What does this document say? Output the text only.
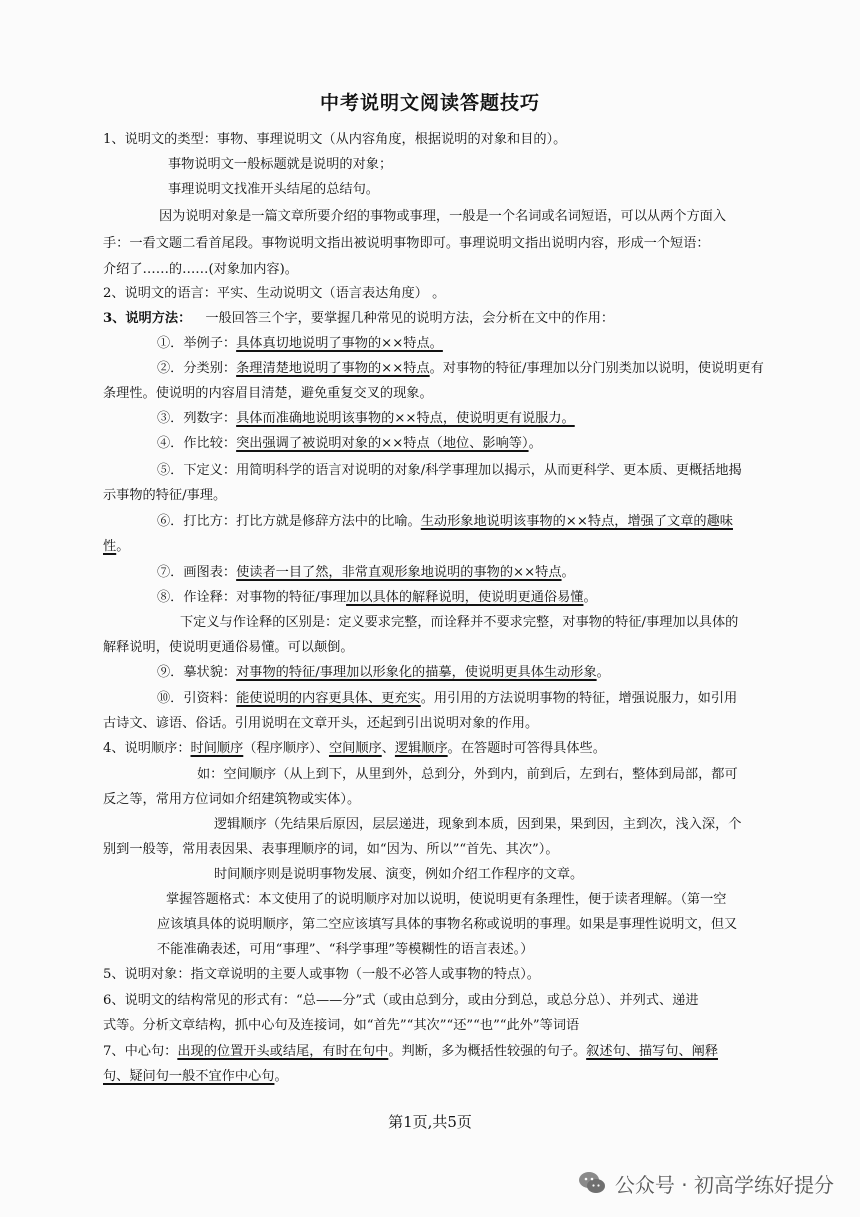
中考说明文阅读答题技巧
1、说明文的类型：事物、事理说明文（从内容角度，根据说明的对象和目的）。
事物说明文一般标题就是说明的对象；
事理说明文找准开头结尾的总结句。
因为说明对象是一篇文章所要介绍的事物或事理，一般是一个名词或名词短语，可以从两个方面入
手：一看文题二看首尾段。事物说明文指出被说明事物即可。事理说明文指出说明内容，形成一个短语：
介绍了……的……(对象加内容)。
2、说明文的语言：平实、生动说明文（语言表达角度） 。
3、说明方法： 一般回答三个字，要掌握几种常见的说明方法，会分析在文中的作用：
①．举例子：具体真切地说明了事物的××特点。
②．分类别：条理清楚地说明了事物的××特点。对事物的特征/事理加以分门别类加以说明，使说明更有
条理性。使说明的内容眉目清楚，避免重复交叉的现象。
③．列数字：具体而准确地说明该事物的××特点，使说明更有说服力。
④．作比较：突出强调了被说明对象的××特点（地位、影响等）。
⑤．下定义：用简明科学的语言对说明的对象/科学事理加以揭示，从而更科学、更本质、更概括地揭
示事物的特征/事理。
⑥．打比方：打比方就是修辞方法中的比喻。生动形象地说明该事物的××特点，增强了文章的趣味
性。
⑦．画图表：使读者一目了然，非常直观形象地说明的事物的××特点。
⑧．作诠释：对事物的特征/事理加以具体的解释说明，使说明更通俗易懂。
下定义与作诠释的区别是：定义要求完整，而诠释并不要求完整，对事物的特征/事理加以具体的
解释说明，使说明更通俗易懂。可以颠倒。
⑨．摹状貌：对事物的特征/事理加以形象化的描摹，使说明更具体生动形象。
⑩．引资料：能使说明的内容更具体、更充实。用引用的方法说明事物的特征，增强说服力，如引用
古诗文、谚语、俗话。引用说明在文章开头，还起到引出说明对象的作用。
4、说明顺序：时间顺序（程序顺序）、空间顺序、逻辑顺序。在答题时可答得具体些。
如：空间顺序（从上到下，从里到外，总到分，外到内，前到后，左到右，整体到局部，都可
反之等，常用方位词如介绍建筑物或实体）。
逻辑顺序（先结果后原因，层层递进，现象到本质，因到果，果到因，主到次，浅入深，个
别到一般等，常用表因果、表事理顺序的词，如“因为、所以”“首先、其次”）。
时间顺序则是说明事物发展、演变，例如介绍工作程序的文章。
掌握答题格式：本文使用了的说明顺序对加以说明，使说明更有条理性，便于读者理解。（第一空
应该填具体的说明顺序，第二空应该填写具体的事物名称或说明的事理。如果是事理性说明文，但又
不能准确表述，可用“事理”、“科学事理”等模糊性的语言表述。）
5、说明对象：指文章说明的主要人或事物（一般不必答人或事物的特点）。
6、说明文的结构常见的形式有：“总——分”式（或由总到分，或由分到总，或总分总）、并列式、递进
式等。分析文章结构，抓中心句及连接词，如“首先”“其次”“还”“也”“此外”等词语
7、中心句：出现的位置开头或结尾，有时在句中。判断，多为概括性较强的句子。叙述句、描写句、阐释
句、疑问句一般不宜作中心句。
第1页,共5页
公众号 · 初高学练好提分
